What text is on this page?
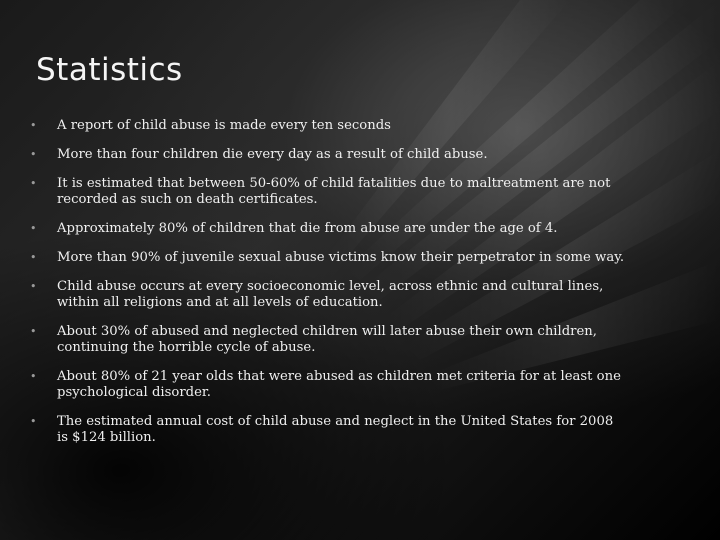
Statistics
• A report of child abuse is made every ten seconds
• More than four children die every day as a result of child abuse.
• It is estimated that between 50-60% of child fatalities due to maltreatment are not recorded as such on death certificates.
• Approximately 80% of children that die from abuse are under the age of 4.
• More than 90% of juvenile sexual abuse victims know their perpetrator in some way.
• Child abuse occurs at every socioeconomic level, across ethnic and cultural lines, within all religions and at all levels of education.
• About 30% of abused and neglected children will later abuse their own children, continuing the horrible cycle of abuse.
• About 80% of 21 year olds that were abused as children met criteria for at least one psychological disorder.
• The estimated annual cost of child abuse and neglect in the United States for 2008 is $124 billion.
